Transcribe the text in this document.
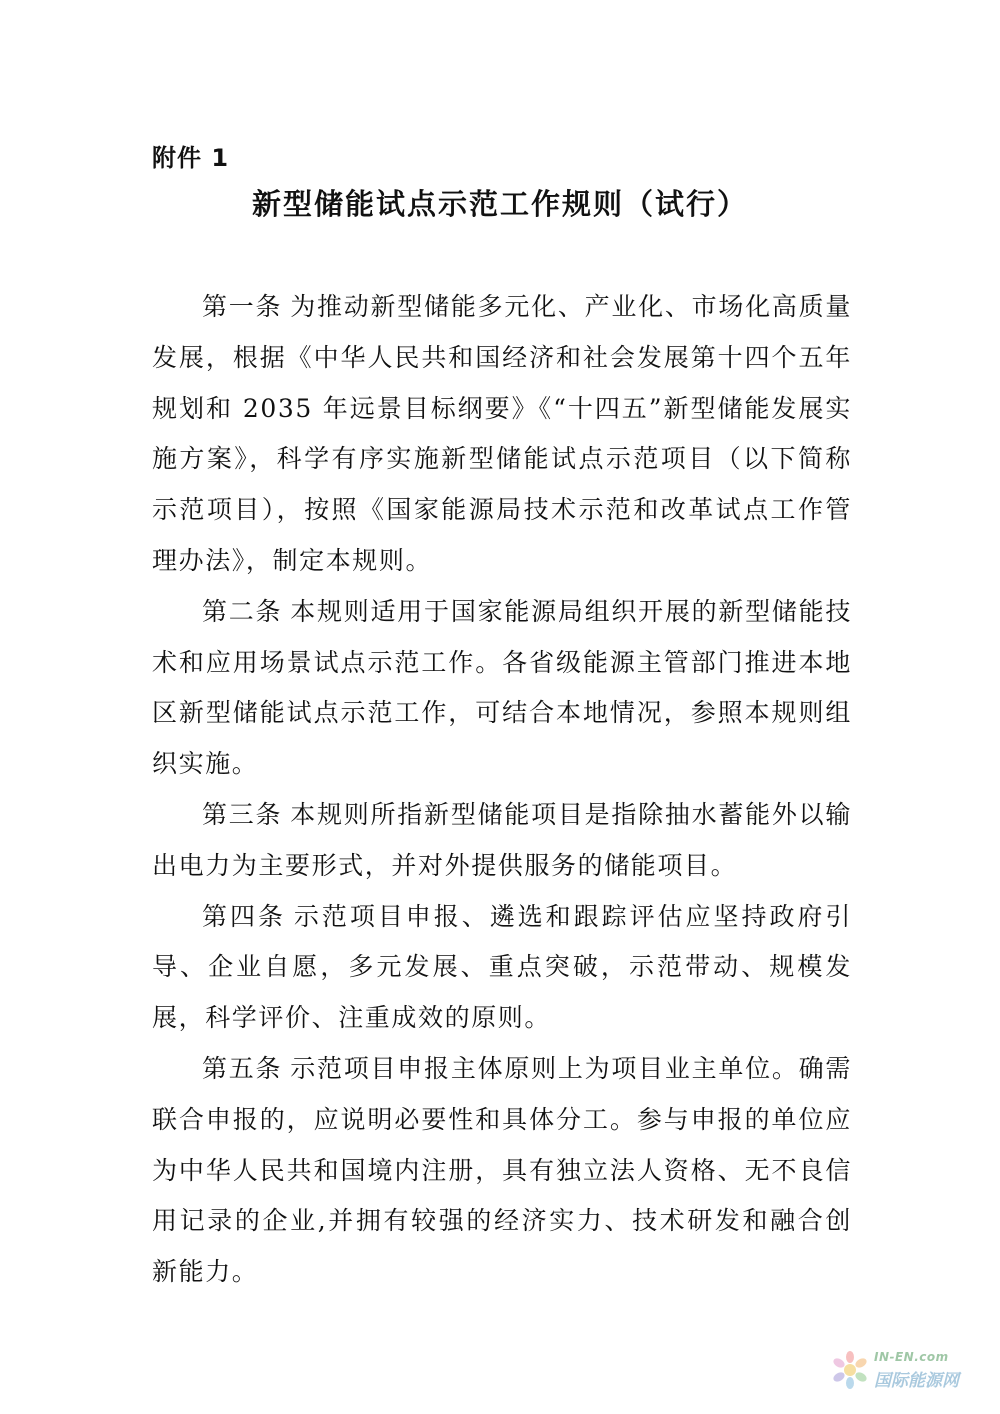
附件 1
新型储能试点示范工作规则（试行）

第一条 为推动新型储能多元化、产业化、市场化高质量发展，根据《中华人民共和国经济和社会发展第十四个五年规划和 2035 年远景目标纲要》《“十四五”新型储能发展实施方案》，科学有序实施新型储能试点示范项目（以下简称示范项目），按照《国家能源局技术示范和改革试点工作管理办法》，制定本规则。

第二条 本规则适用于国家能源局组织开展的新型储能技术和应用场景试点示范工作。各省级能源主管部门推进本地区新型储能试点示范工作，可结合本地情况，参照本规则组织实施。

第三条 本规则所指新型储能项目是指除抽水蓄能外以输出电力为主要形式，并对外提供服务的储能项目。

第四条 示范项目申报、遴选和跟踪评估应坚持政府引导、企业自愿，多元发展、重点突破，示范带动、规模发展，科学评价、注重成效的原则。

第五条 示范项目申报主体原则上为项目业主单位。确需联合申报的，应说明必要性和具体分工。参与申报的单位应为中华人民共和国境内注册，具有独立法人资格、无不良信用记录的企业,并拥有较强的经济实力、技术研发和融合创新能力。

IN-EN.com
国际能源网
